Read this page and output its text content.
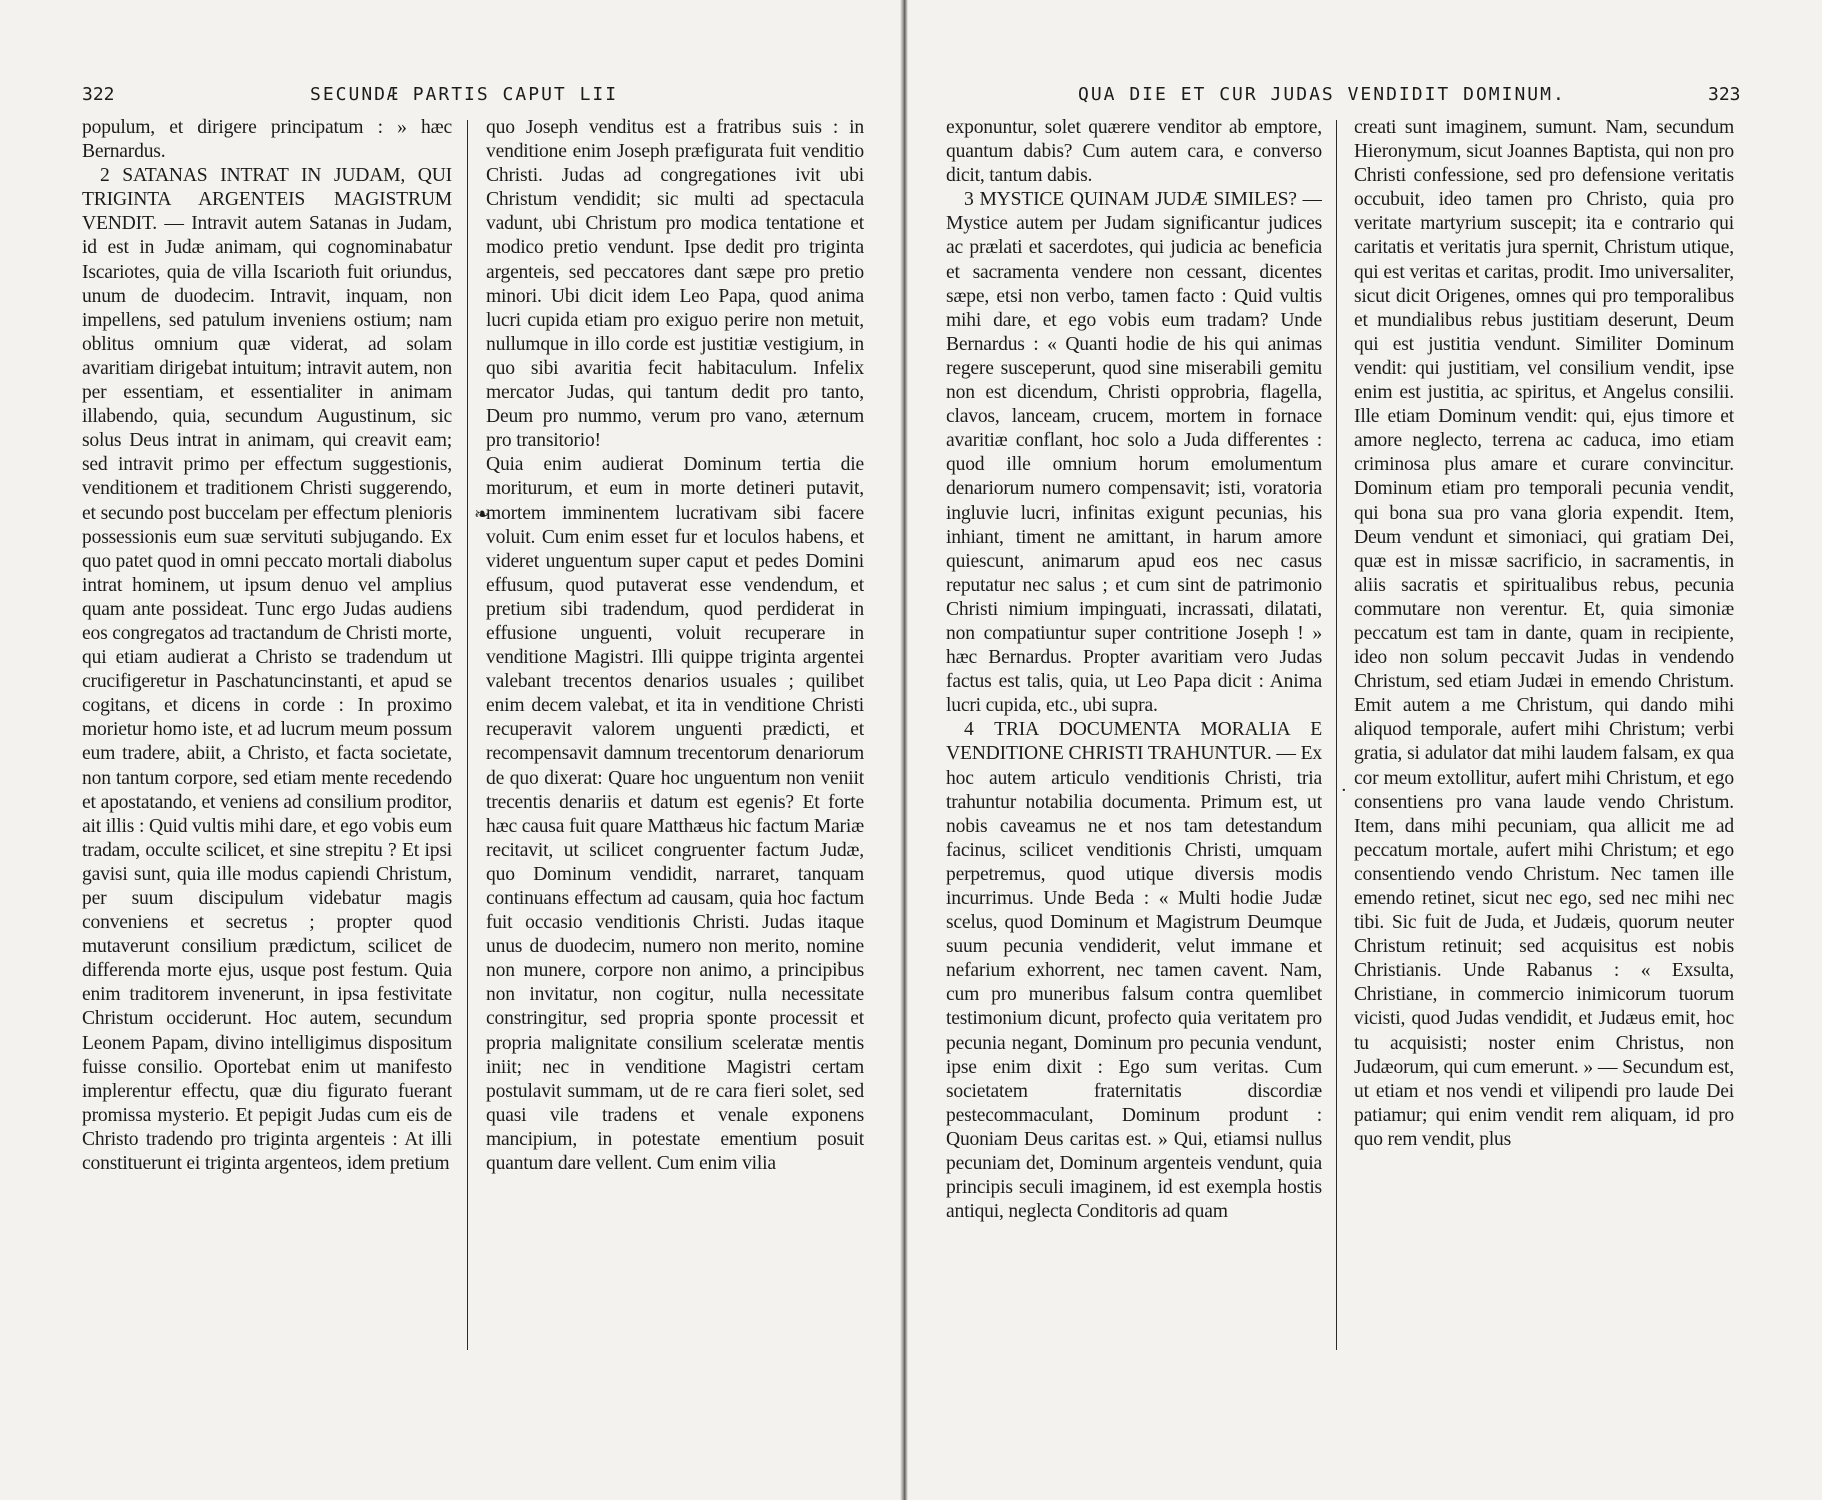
322	SECUNDÆ PARTIS CAPUT LII

populum, et dirigere principatum : » hæc Bernardus.

2 SATANAS INTRAT IN JUDAM, QUI TRIGINTA ARGENTEIS MAGISTRUM VENDIT. — Intravit autem Satanas in Judam, id est in Judæ animam, qui cognominabatur Iscariotes, quia de villa Iscarioth fuit oriundus, unum de duodecim. Intravit, inquam, non impellens, sed patulum inveniens ostium; nam oblitus omnium quæ viderat, ad solam avaritiam dirigebat intuitum; intravit autem, non per essentiam, et essentialiter in animam illabendo, quia, secundum Augustinum, sic solus Deus intrat in animam, qui creavit eam; sed intravit primo per effectum suggestionis, venditionem et traditionem Christi suggerendo, et secundo post buccelam per effectum plenioris possessionis eum suæ servituti subjugando. Ex quo patet quod in omni peccato mortali diabolus intrat hominem, ut ipsum denuo vel amplius quam ante possideat. Tunc ergo Judas audiens eos congregatos ad tractandum de Christi morte, qui etiam audierat a Christo se tradendum ut crucifigeretur in Paschatuncinstanti, et apud se cogitans, et dicens in corde : In proximo morietur homo iste, et ad lucrum meum possum eum tradere, abiit, a Christo, et facta societate, non tantum corpore, sed etiam mente recedendo et apostatando, et veniens ad consilium proditor, ait illis : Quid vultis mihi dare, et ego vobis eum tradam, occulte scilicet, et sine strepitu ? Et ipsi gavisi sunt, quia ille modus capiendi Christum, per suum discipulum videbatur magis conveniens et secretus ; propter quod mutaverunt consilium prædictum, scilicet de differenda morte ejus, usque post festum. Quia enim traditorem invenerunt, in ipsa festivitate Christum occiderunt. Hoc autem, secundum Leonem Papam, divino intelligimus dispositum fuisse consilio. Oportebat enim ut manifesto implerentur effectu, quæ diu figurato fuerant promissa mysterio. Et pepigit Judas cum eis de Christo tradendo pro triginta argenteis : At illi constituerunt ei triginta argenteos, idem pretium

❧

quo Joseph venditus est a fratribus suis : in venditione enim Joseph præfigurata fuit venditio Christi. Judas ad congregationes ivit ubi Christum vendidit; sic multi ad spectacula vadunt, ubi Christum pro modica tentatione et modico pretio vendunt. Ipse dedit pro triginta argenteis, sed peccatores dant sæpe pro pretio minori. Ubi dicit idem Leo Papa, quod anima lucri cupida etiam pro exiguo perire non metuit, nullumque in illo corde est justitiæ vestigium, in quo sibi avaritia fecit habitaculum. Infelix mercator Judas, qui tantum dedit pro tanto, Deum pro nummo, verum pro vano, æternum pro transitorio!

Quia enim audierat Dominum tertia die moriturum, et eum in morte detineri putavit, mortem imminentem lucrativam sibi facere voluit. Cum enim esset fur et loculos habens, et videret unguentum super caput et pedes Domini effusum, quod putaverat esse vendendum, et pretium sibi tradendum, quod perdiderat in effusione unguenti, voluit recuperare in venditione Magistri. Illi quippe triginta argentei valebant trecentos denarios usuales ; quilibet enim decem valebat, et ita in venditione Christi recuperavit valorem unguenti prædicti, et recompensavit damnum trecentorum denariorum de quo dixerat: Quare hoc unguentum non veniit trecentis denariis et datum est egenis? Et forte hæc causa fuit quare Matthæus hic factum Mariæ recitavit, ut scilicet congruenter factum Judæ, quo Dominum vendidit, narraret, tanquam continuans effectum ad causam, quia hoc factum fuit occasio venditionis Christi. Judas itaque unus de duodecim, numero non merito, nomine non munere, corpore non animo, a principibus non invitatur, non cogitur, nulla necessitate constringitur, sed propria sponte processit et propria malignitate consilium sceleratæ mentis iniit; nec in venditione Magistri certam postulavit summam, ut de re cara fieri solet, sed quasi vile tradens et venale exponens mancipium, in potestate ementium posuit quantum dare vellent. Cum enim vilia

QUA DIE ET CUR JUDAS VENDIDIT DOMINUM.	323

exponuntur, solet quærere venditor ab emptore, quantum dabis? Cum autem cara, e converso dicit, tantum dabis.

3 MYSTICE QUINAM JUDÆ SIMILES? — Mystice autem per Judam significantur judices ac prælati et sacerdotes, qui judicia ac beneficia et sacramenta vendere non cessant, dicentes sæpe, etsi non verbo, tamen facto : Quid vultis mihi dare, et ego vobis eum tradam? Unde Bernardus : « Quanti hodie de his qui animas regere susceperunt, quod sine miserabili gemitu non est dicendum, Christi opprobria, flagella, clavos, lanceam, crucem, mortem in fornace avaritiæ conflant, hoc solo a Juda differentes : quod ille omnium horum emolumentum denariorum numero compensavit; isti, voratoria ingluvie lucri, infinitas exigunt pecunias, his inhiant, timent ne amittant, in harum amore quiescunt, animarum apud eos nec casus reputatur nec salus ; et cum sint de patrimonio Christi nimium impinguati, incrassati, dilatati, non compatiuntur super contritione Joseph ! » hæc Bernardus. Propter avaritiam vero Judas factus est talis, quia, ut Leo Papa dicit : Anima lucri cupida, etc., ubi supra.

4 TRIA DOCUMENTA MORALIA E VENDITIONE CHRISTI TRAHUNTUR. — Ex hoc autem articulo venditionis Christi, tria trahuntur notabilia documenta. Primum est, ut nobis caveamus ne et nos tam detestandum facinus, scilicet venditionis Christi, umquam perpetremus, quod utique diversis modis incurrimus. Unde Beda : « Multi hodie Judæ scelus, quod Dominum et Magistrum Deumque suum pecunia vendiderit, velut immane et nefarium exhorrent, nec tamen cavent. Nam, cum pro muneribus falsum contra quemlibet testimonium dicunt, profecto quia veritatem pro pecunia negant, Dominum pro pecunia vendunt, ipse enim dixit : Ego sum veritas. Cum societatem fraternitatis discordiæ pestecommaculant, Dominum produnt : Quoniam Deus caritas est. » Qui, etiamsi nullus pecuniam det, Dominum argenteis vendunt, quia principis seculi imaginem, id est exempla hostis antiqui, neglecta Conditoris ad quam

·

creati sunt imaginem, sumunt. Nam, secundum Hieronymum, sicut Joannes Baptista, qui non pro Christi confessione, sed pro defensione veritatis occubuit, ideo tamen pro Christo, quia pro veritate martyrium suscepit; ita e contrario qui caritatis et veritatis jura spernit, Christum utique, qui est veritas et caritas, prodit. Imo universaliter, sicut dicit Origenes, omnes qui pro temporalibus et mundialibus rebus justitiam deserunt, Deum qui est justitia vendunt. Similiter Dominum vendit: qui justitiam, vel consilium vendit, ipse enim est justitia, ac spiritus, et Angelus consilii. Ille etiam Dominum vendit: qui, ejus timore et amore neglecto, terrena ac caduca, imo etiam criminosa plus amare et curare convincitur. Dominum etiam pro temporali pecunia vendit, qui bona sua pro vana gloria expendit. Item, Deum vendunt et simoniaci, qui gratiam Dei, quæ est in missæ sacrificio, in sacramentis, in aliis sacratis et spiritualibus rebus, pecunia commutare non verentur. Et, quia simoniæ peccatum est tam in dante, quam in recipiente, ideo non solum peccavit Judas in vendendo Christum, sed etiam Judæi in emendo Christum. Emit autem a me Christum, qui dando mihi aliquod temporale, aufert mihi Christum; verbi gratia, si adulator dat mihi laudem falsam, ex qua cor meum extollitur, aufert mihi Christum, et ego consentiens pro vana laude vendo Christum. Item, dans mihi pecuniam, qua allicit me ad peccatum mortale, aufert mihi Christum; et ego consentiendo vendo Christum. Nec tamen ille emendo retinet, sicut nec ego, sed nec mihi nec tibi. Sic fuit de Juda, et Judæis, quorum neuter Christum retinuit; sed acquisitus est nobis Christianis. Unde Rabanus : « Exsulta, Christiane, in commercio inimicorum tuorum vicisti, quod Judas vendidit, et Judæus emit, hoc tu acquisisti; noster enim Christus, non Judæorum, qui cum emerunt. » — Secundum est, ut etiam et nos vendi et vilipendi pro laude Dei patiamur; qui enim vendit rem aliquam, id pro quo rem vendit, plus
